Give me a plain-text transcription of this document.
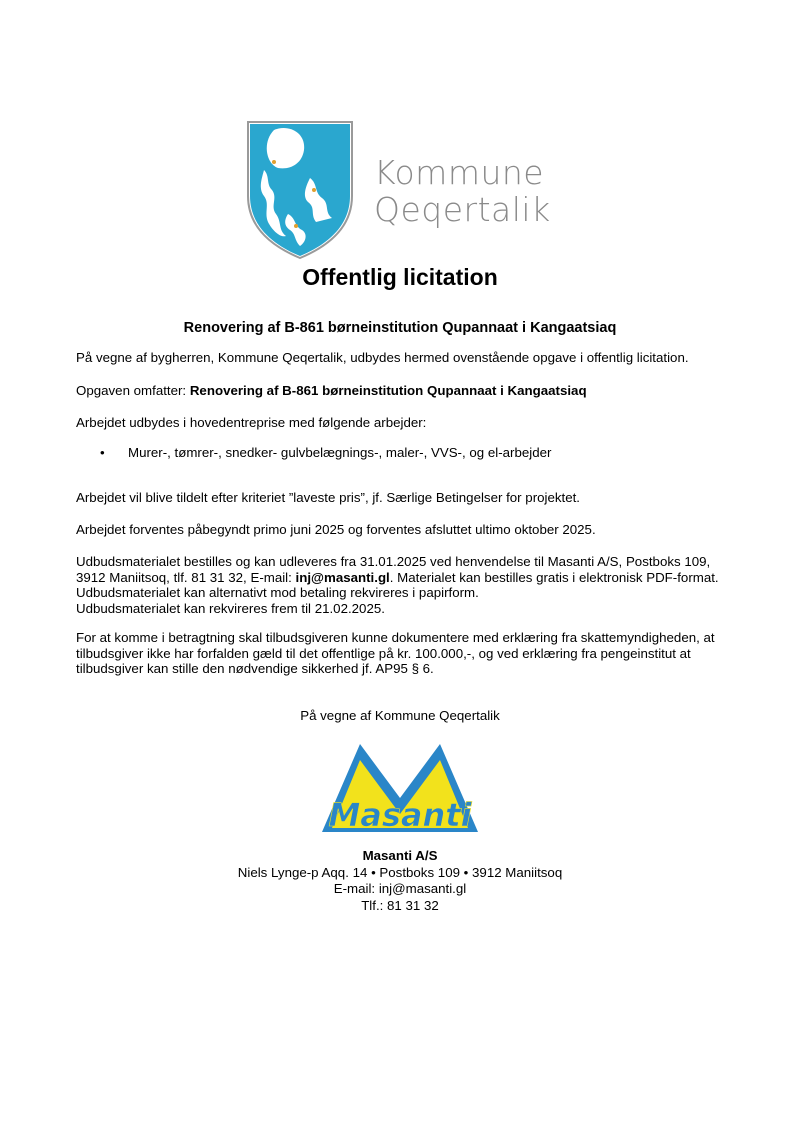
Kommune
Qeqertalik
Offentlig licitation
Renovering af B-861 børneinstitution Qupannaat i Kangaatsiaq
På vegne af bygherren, Kommune Qeqertalik, udbydes hermed ovenstående opgave i offentlig licitation.
Opgaven omfatter: Renovering af B-861 børneinstitution Qupannaat i Kangaatsiaq
Arbejdet udbydes i hovedentreprise med følgende arbejder:
• Murer-, tømrer-, snedker- gulvbelægnings-, maler-, VVS-, og el-arbejder
Arbejdet vil blive tildelt efter kriteriet ”laveste pris”, jf. Særlige Betingelser for projektet.
Arbejdet forventes påbegyndt primo juni 2025 og forventes afsluttet ultimo oktober 2025.
Udbudsmaterialet bestilles og kan udleveres fra 31.01.2025 ved henvendelse til Masanti A/S, Postboks 109, 3912 Maniitsoq, tlf. 81 31 32, E-mail: inj@masanti.gl. Materialet kan bestilles gratis i elektronisk PDF-format. Udbudsmaterialet kan alternativt mod betaling rekvireres i papirform.
Udbudsmaterialet kan rekvireres frem til 21.02.2025.
For at komme i betragtning skal tilbudsgiveren kunne dokumentere med erklæring fra skattemyndigheden, at tilbudsgiver ikke har forfalden gæld til det offentlige på kr. 100.000,-, og ved erklæring fra pengeinstitut at tilbudsgiver kan stille den nødvendige sikkerhed jf. AP95 § 6.
På vegne af Kommune Qeqertalik
Masanti
Masanti A/S
Niels Lynge-p Aqq. 14 • Postboks 109 • 3912 Maniitsoq
E-mail: inj@masanti.gl
Tlf.: 81 31 32
